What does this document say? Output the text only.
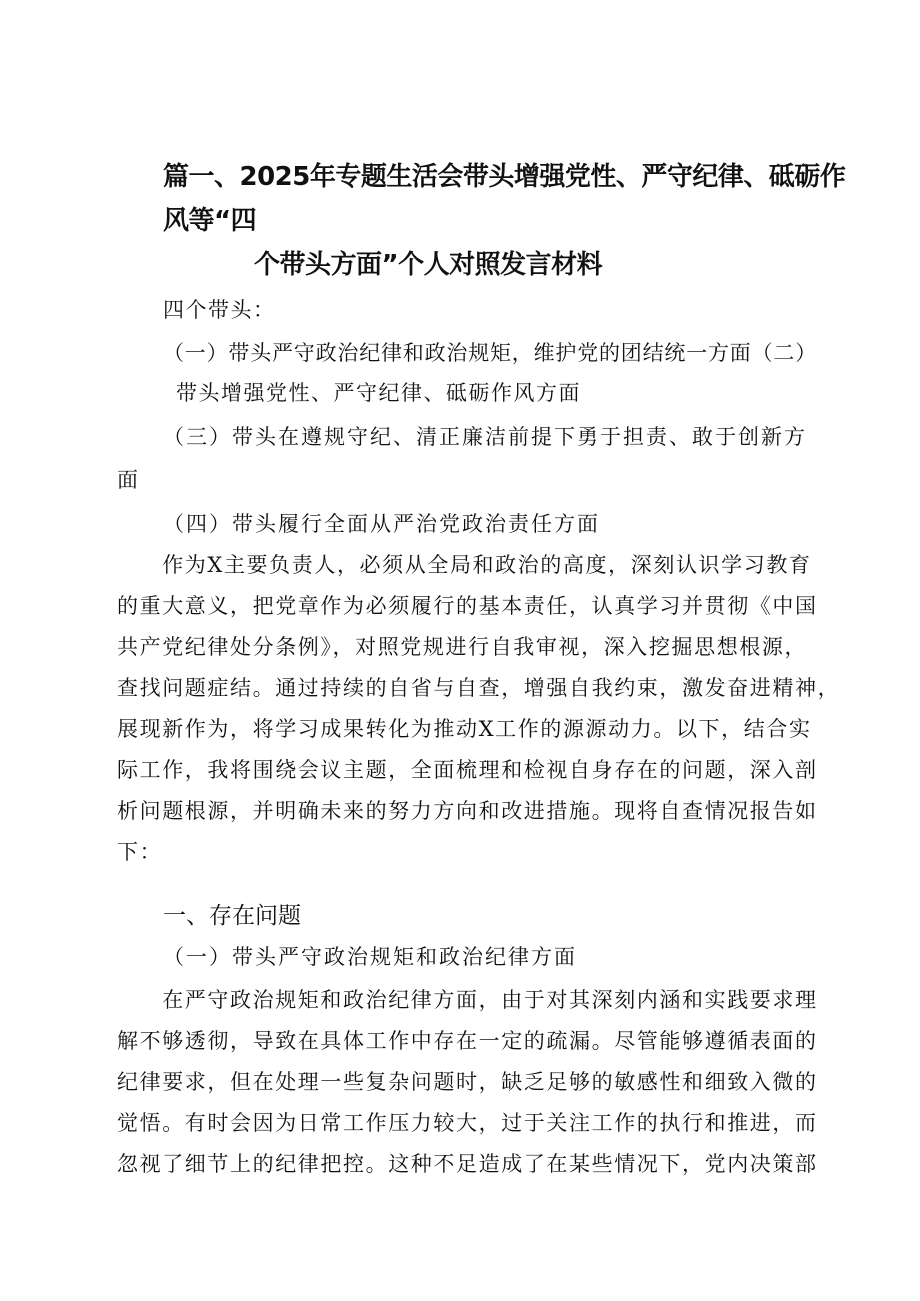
篇一、2025年专题生活会带头增强党性、严守纪律、砥砺作风等“四
个带头方面”个人对照发言材料
四个带头：
（一）带头严守政治纪律和政治规矩，维护党的团结统一方面（二）
带头增强党性、严守纪律、砥砺作风方面
（三）带头在遵规守纪、清正廉洁前提下勇于担责、敢于创新方
面
（四）带头履行全面从严治党政治责任方面
　　作为X主要负责人，必须从全局和政治的高度，深刻认识学习教育
的重大意义，把党章作为必须履行的基本责任，认真学习并贯彻《中国
共产党纪律处分条例》，对照党规进行自我审视，深入挖掘思想根源，
查找问题症结。通过持续的自省与自查，增强自我约束，激发奋进精神，
展现新作为，将学习成果转化为推动X工作的源源动力。以下，结合实
际工作，我将围绕会议主题，全面梳理和检视自身存在的问题，深入剖
析问题根源，并明确未来的努力方向和改进措施。现将自查情况报告如
下：
一、存在问题
（一）带头严守政治规矩和政治纪律方面
　　在严守政治规矩和政治纪律方面，由于对其深刻内涵和实践要求理
解不够透彻，导致在具体工作中存在一定的疏漏。尽管能够遵循表面的
纪律要求，但在处理一些复杂问题时，缺乏足够的敏感性和细致入微的
觉悟。有时会因为日常工作压力较大，过于关注工作的执行和推进，而
忽视了细节上的纪律把控。这种不足造成了在某些情况下，党内决策部
